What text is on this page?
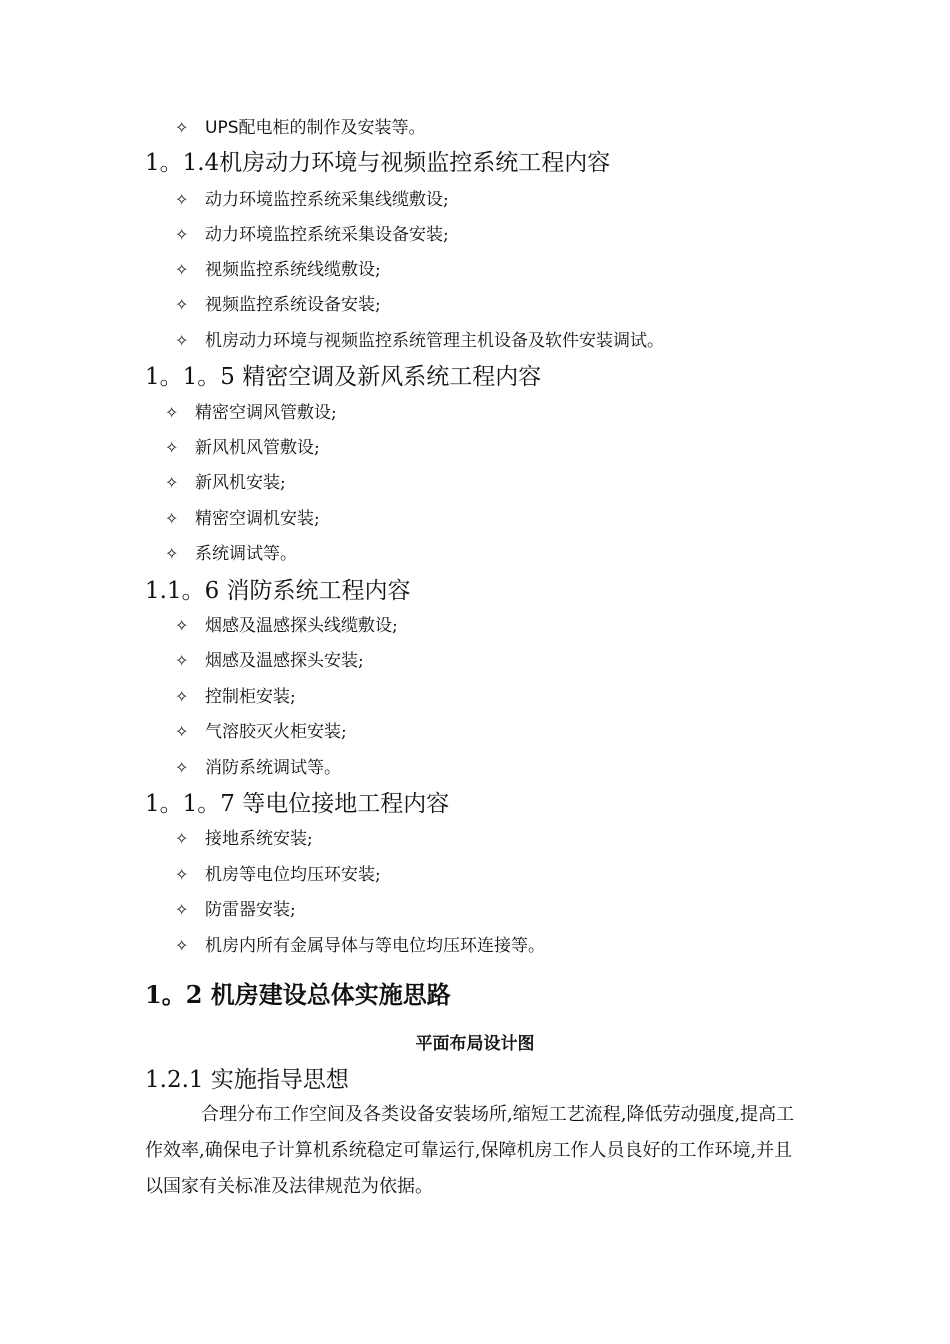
✧ UPS配电柜的制作及安装等。
1。1.4机房动力环境与视频监控系统工程内容
✧ 动力环境监控系统采集线缆敷设;
✧ 动力环境监控系统采集设备安装;
✧ 视频监控系统线缆敷设;
✧ 视频监控系统设备安装;
✧ 机房动力环境与视频监控系统管理主机设备及软件安装调试。
1。1。5 精密空调及新风系统工程内容
✧ 精密空调风管敷设;
✧ 新风机风管敷设;
✧ 新风机安装;
✧ 精密空调机安装;
✧ 系统调试等。
1.1。6 消防系统工程内容
✧ 烟感及温感探头线缆敷设;
✧ 烟感及温感探头安装;
✧ 控制柜安装;
✧ 气溶胶灭火柜安装;
✧ 消防系统调试等。
1。1。7 等电位接地工程内容
✧ 接地系统安装;
✧ 机房等电位均压环安装;
✧ 防雷器安装;
✧ 机房内所有金属导体与等电位均压环连接等。
1。2 机房建设总体实施思路
平面布局设计图
1.2.1 实施指导思想
合理分布工作空间及各类设备安装场所,缩短工艺流程,降低劳动强度,提高工作效率,确保电子计算机系统稳定可靠运行,保障机房工作人员良好的工作环境,并且以国家有关标准及法律规范为依据。
